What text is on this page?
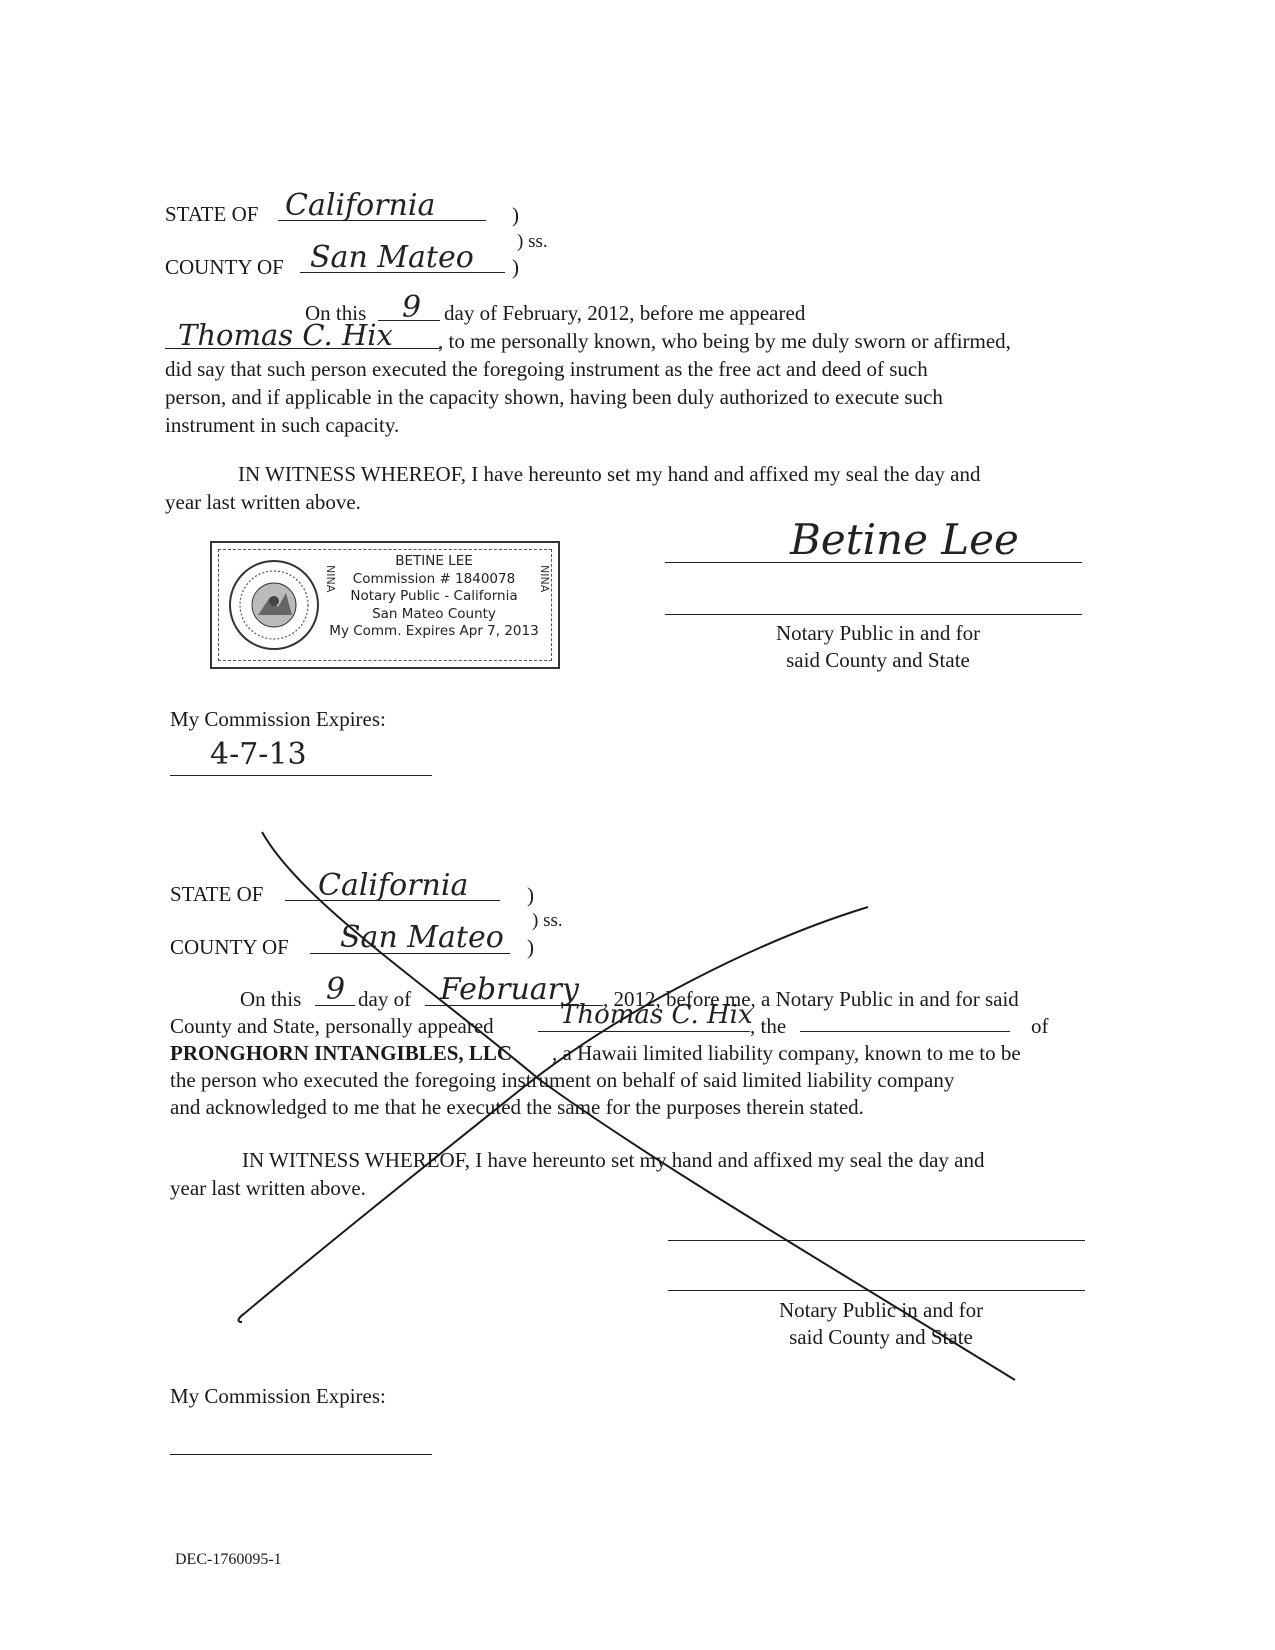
STATE OF California	)
) ss.
COUNTY OF San Mateo )
On this 9 day of February, 2012, before me appeared
Thomas C. Hix , to me personally known, who being by me duly sworn or affirmed,
did say that such person executed the foregoing instrument as the free act and deed of such
person, and if applicable in the capacity shown, having been duly authorized to execute such
instrument in such capacity.
IN WITNESS WHEREOF, I have hereunto set my hand and affixed my seal the day and
year last written above.
NINA	NINA
BETINE LEE
Commission # 1840078
Notary Public - California
San Mateo County
My Comm. Expires Apr 7, 2013
Betine Lee
Notary Public in and for
said County and State
My Commission Expires:
4-7-13
STATE OF California	)
) ss.
COUNTY OF San Mateo )
On this 9 day of February , 2012, before me, a Notary Public in and for said
County and State, personally appeared	Thomas C. Hix
, the	of
PRONGHORN INTANGIBLES, LLC , a Hawaii limited liability company, known to me to be
the person who executed the foregoing instrument on behalf of said limited liability company
and acknowledged to me that he executed the same for the purposes therein stated.
IN WITNESS WHEREOF, I have hereunto set my hand and affixed my seal the day and
year last written above.
Notary Public in and for
said County and State
My Commission Expires:
DEC-1760095-1
